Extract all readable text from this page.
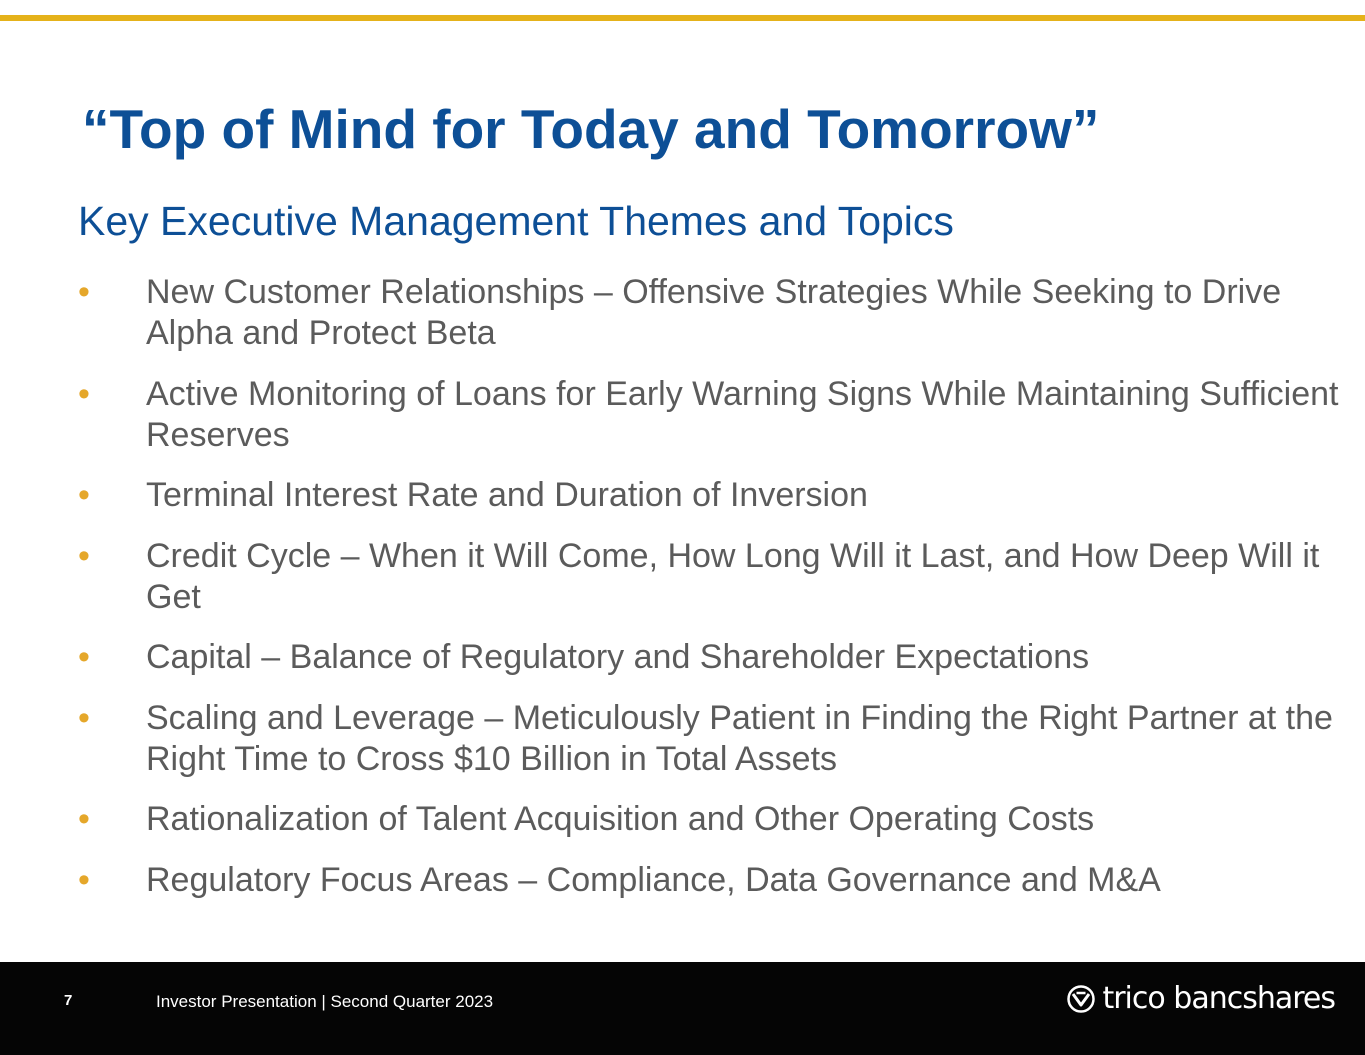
“Top of Mind for Today and Tomorrow”
Key Executive Management Themes and Topics
•	New Customer Relationships – Offensive Strategies While Seeking to Drive Alpha and Protect Beta
•	Active Monitoring of Loans for Early Warning Signs While Maintaining Sufficient Reserves
•	Terminal Interest Rate and Duration of Inversion
•	Credit Cycle – When it Will Come, How Long Will it Last, and How Deep Will it Get
•	Capital – Balance of Regulatory and Shareholder Expectations
•	Scaling and Leverage – Meticulously Patient in Finding the Right Partner at the Right Time to Cross $10 Billion in Total Assets
•	Rationalization of Talent Acquisition and Other Operating Costs
•	Regulatory Focus Areas – Compliance, Data Governance and M&A
7	Investor Presentation | Second Quarter 2023	trico bancshares
